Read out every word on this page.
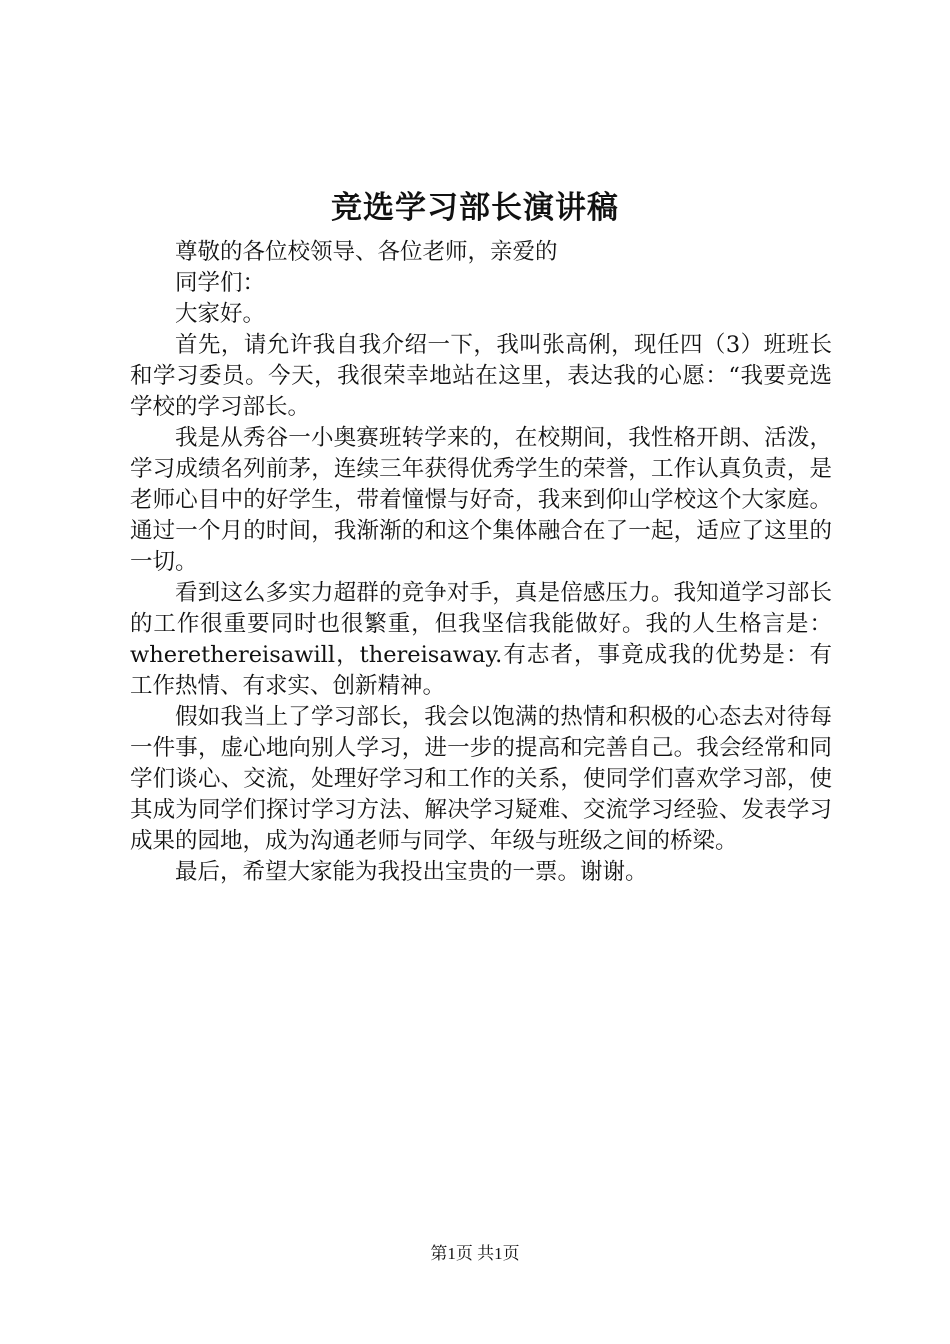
竞选学习部长演讲稿

尊敬的各位校领导、各位老师，亲爱的

同学们：

大家好。

首先，请允许我自我介绍一下，我叫张高俐，现任四（3）班班长和学习委员。今天，我很荣幸地站在这里，表达我的心愿：“我要竞选学校的学习部长。

我是从秀谷一小奥赛班转学来的，在校期间，我性格开朗、活泼，学习成绩名列前茅，连续三年获得优秀学生的荣誉，工作认真负责，是老师心目中的好学生，带着憧憬与好奇，我来到仰山学校这个大家庭。通过一个月的时间，我渐渐的和这个集体融合在了一起，适应了这里的一切。

看到这么多实力超群的竞争对手，真是倍感压力。我知道学习部长的工作很重要同时也很繁重，但我坚信我能做好。我的人生格言是：wherethereisawill，thereisaway.有志者，事竟成我的优势是：有工作热情、有求实、创新精神。

假如我当上了学习部长，我会以饱满的热情和积极的心态去对待每一件事，虚心地向别人学习，进一步的提高和完善自己。我会经常和同学们谈心、交流，处理好学习和工作的关系，使同学们喜欢学习部，使其成为同学们探讨学习方法、解决学习疑难、交流学习经验、发表学习成果的园地，成为沟通老师与同学、年级与班级之间的桥梁。

最后，希望大家能为我投出宝贵的一票。谢谢。

第1页 共1页
